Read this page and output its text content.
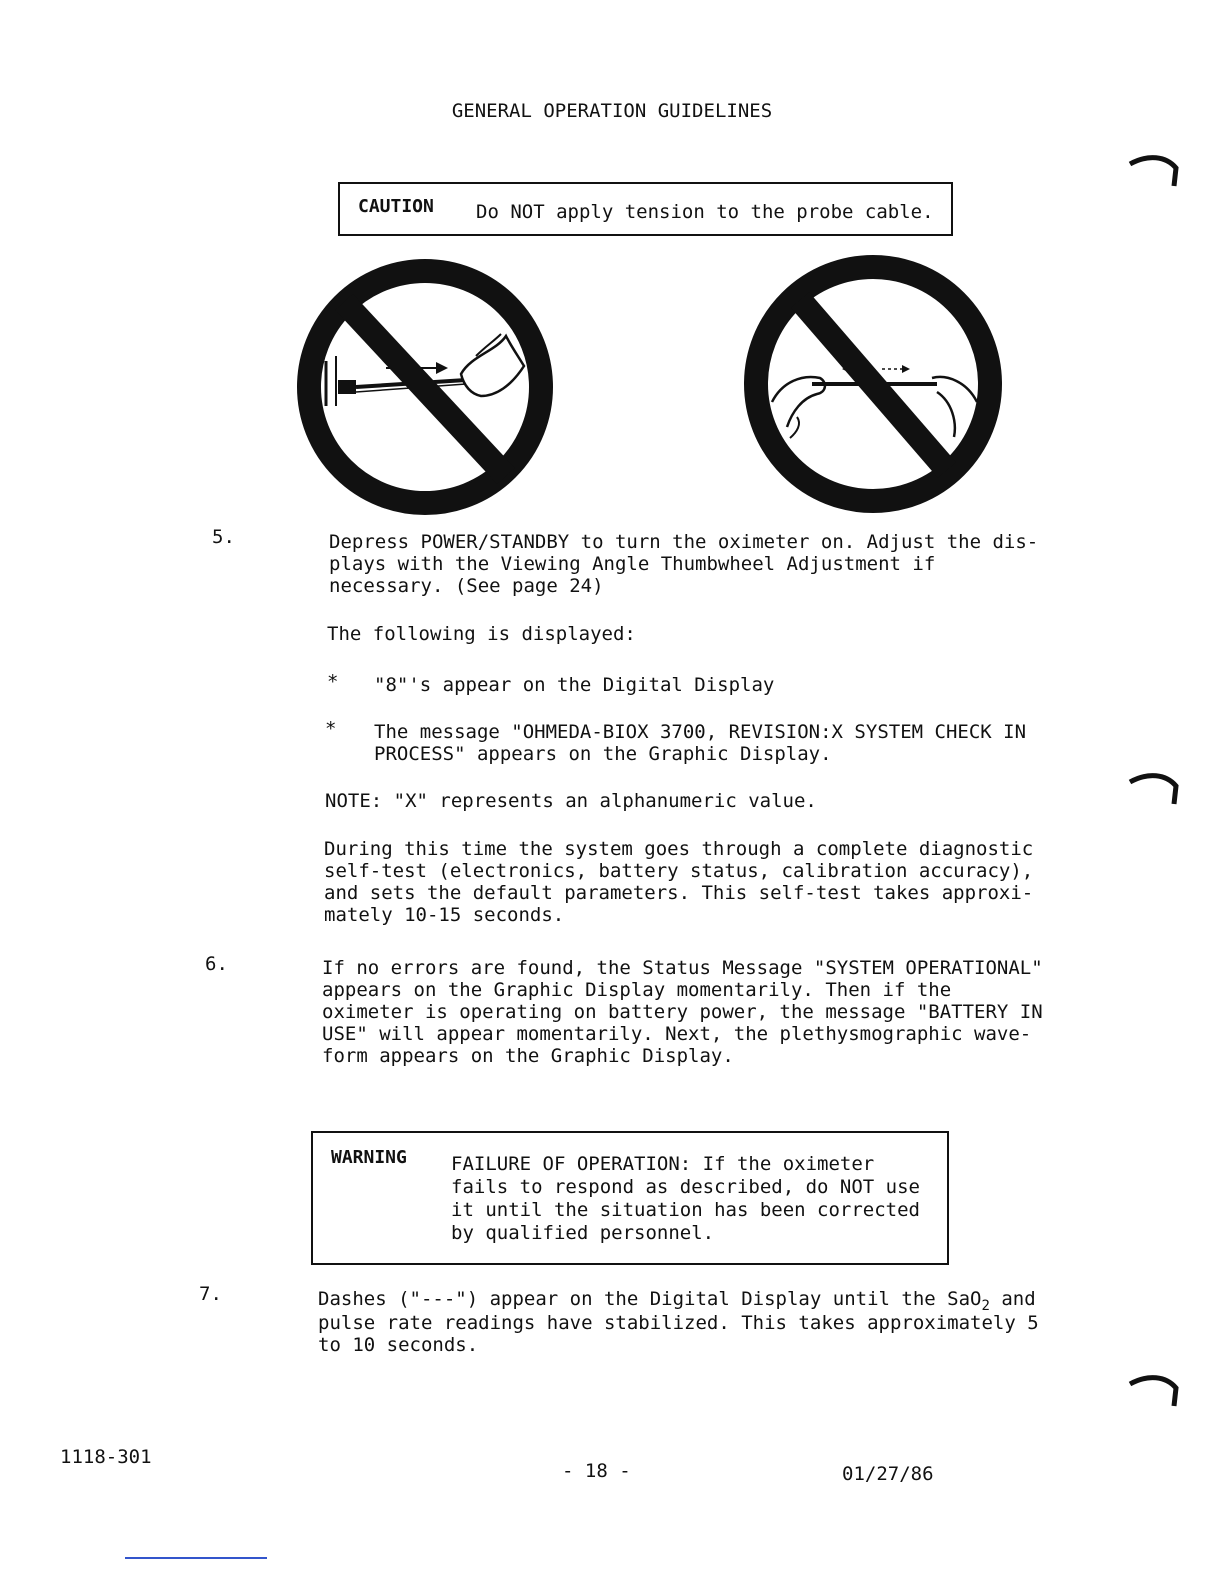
GENERAL OPERATION GUIDELINES
CAUTION Do NOT apply tension to the probe cable.
5.	Depress POWER/STANDBY to turn the oximeter on. Adjust the dis-
plays with the Viewing Angle Thumbwheel Adjustment if
necessary. (See page 24)
The following is displayed:
* "8"'s appear on the Digital Display
* The message "OHMEDA-BIOX 3700, REVISION:X SYSTEM CHECK IN
PROCESS" appears on the Graphic Display.
NOTE: "X" represents an alphanumeric value.
During this time the system goes through a complete diagnostic
self-test (electronics, battery status, calibration accuracy),
and sets the default parameters. This self-test takes approxi-
mately 10-15 seconds.
6.	If no errors are found, the Status Message "SYSTEM OPERATIONAL"
appears on the Graphic Display momentarily. Then if the
oximeter is operating on battery power, the message "BATTERY IN
USE" will appear momentarily. Next, the plethysmographic wave-
form appears on the Graphic Display.
WARNING FAILURE OF OPERATION: If the oximeter
fails to respond as described, do NOT use
it until the situation has been corrected
by qualified personnel.
7.	Dashes ("---") appear on the Digital Display until the SaO$_2$ and
pulse rate readings have stabilized. This takes approximately 5
to 10 seconds.
1118-301
- 18 -	01/27/86
